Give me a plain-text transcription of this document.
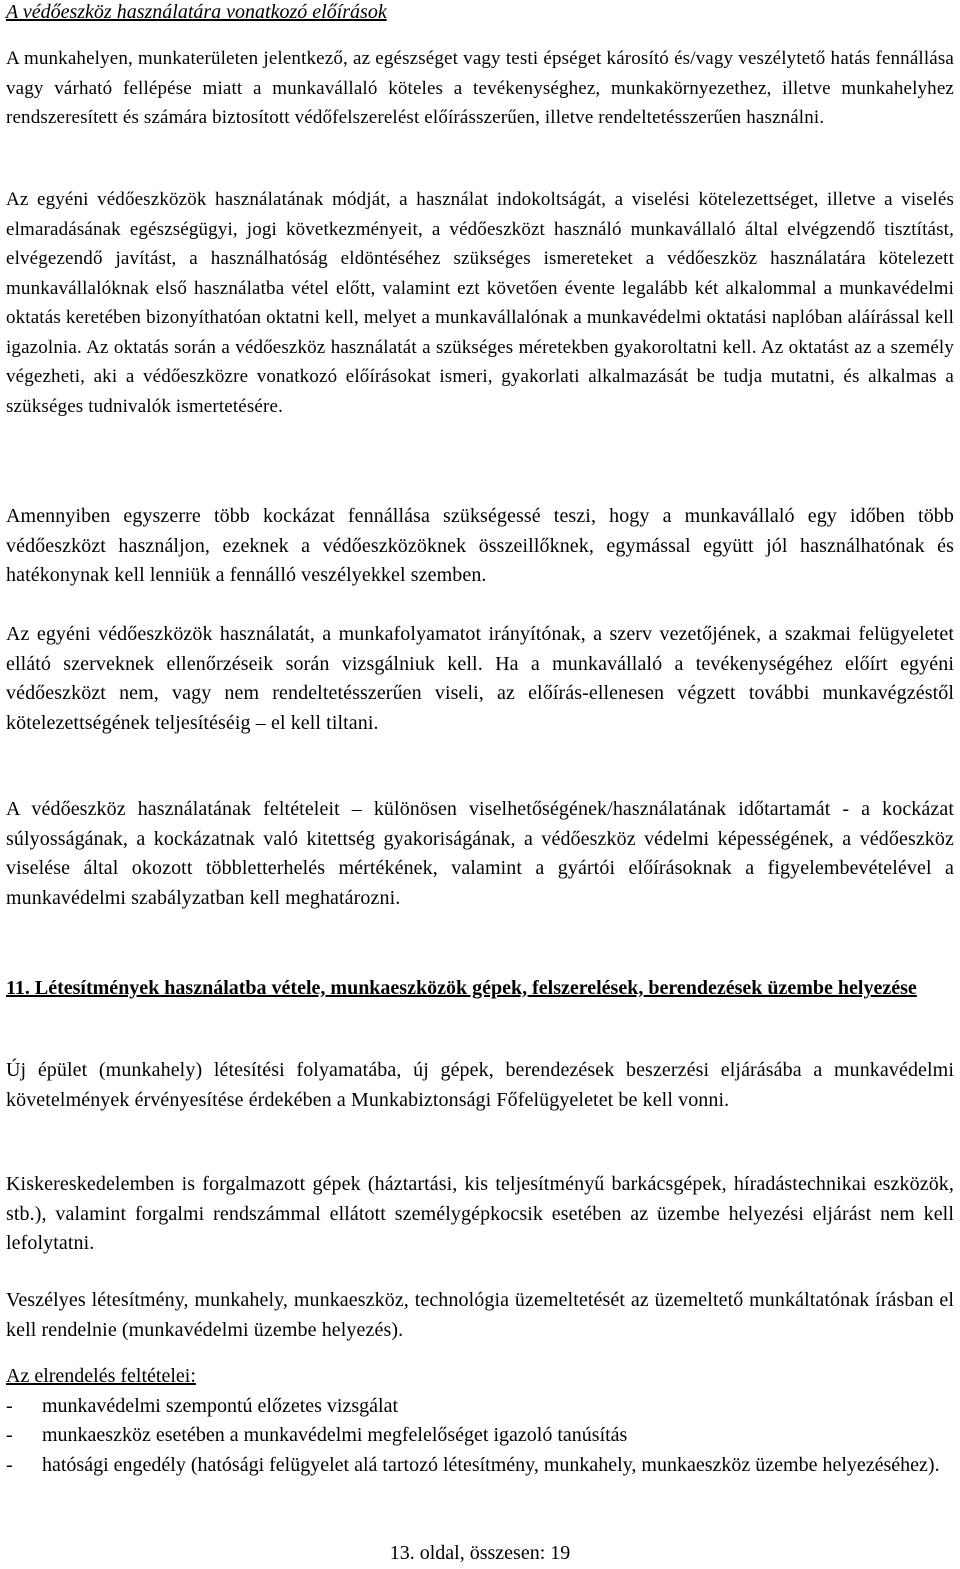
A védőeszköz használatára vonatkozó előírások

A munkahelyen, munkaterületen jelentkező, az egészséget vagy testi épséget károsító és/vagy veszélytető hatás fennállása vagy várható fellépése miatt a munkavállaló köteles a tevékenységhez, munkakörnyezethez, illetve munkahelyhez rendszeresített és számára biztosított védőfelszerelést előírásszerűen, illetve rendeltetésszerűen használni.

Az egyéni védőeszközök használatának módját, a használat indokoltságát, a viselési kötelezettséget, illetve a viselés elmaradásának egészségügyi, jogi következményeit, a védőeszközt használó munkavállaló által elvégzendő tisztítást, elvégezendő javítást, a használhatóság eldöntéséhez szükséges ismereteket a védőeszköz használatára kötelezett munkavállalóknak első használatba vétel előtt, valamint ezt követően évente legalább két alkalommal a munkavédelmi oktatás keretében bizonyíthatóan oktatni kell, melyet a munkavállalónak a munkavédelmi oktatási naplóban aláírással kell igazolnia. Az oktatás során a védőeszköz használatát a szükséges méretekben gyakoroltatni kell. Az oktatást az a személy végezheti, aki a védőeszközre vonatkozó előírásokat ismeri, gyakorlati alkalmazását be tudja mutatni, és alkalmas a szükséges tudnivalók ismertetésére.

Amennyiben egyszerre több kockázat fennállása szükségessé teszi, hogy a munkavállaló egy időben több védőeszközt használjon, ezeknek a védőeszközöknek összeillőknek, egymással együtt jól használhatónak és hatékonynak kell lenniük a fennálló veszélyekkel szemben.

Az egyéni védőeszközök használatát, a munkafolyamatot irányítónak, a szerv vezetőjének, a szakmai felügyeletet ellátó szerveknek ellenőrzéseik során vizsgálniuk kell. Ha a munkavállaló a tevékenységéhez előírt egyéni védőeszközt nem, vagy nem rendeltetésszerűen viseli, az előírás-ellenesen végzett további munkavégzéstől kötelezettségének teljesítéséig – el kell tiltani.

A védőeszköz használatának feltételeit – különösen viselhetőségének/használatának időtartamát - a kockázat súlyosságának, a kockázatnak való kitettség gyakoriságának, a védőeszköz védelmi képességének, a védőeszköz viselése által okozott többletterhelés mértékének, valamint a gyártói előírásoknak a figyelembevételével a munkavédelmi szabályzatban kell meghatározni.

11. Létesítmények használatba vétele, munkaeszközök gépek, felszerelések, berendezések üzembe helyezése

Új épület (munkahely) létesítési folyamatába, új gépek, berendezések beszerzési eljárásába a munkavédelmi követelmények érvényesítése érdekében a Munkabiztonsági Főfelügyeletet be kell vonni.

Kiskereskedelemben is forgalmazott gépek (háztartási, kis teljesítményű barkácsgépek, híradástechnikai eszközök, stb.), valamint forgalmi rendszámmal ellátott személygépkocsik esetében az üzembe helyezési eljárást nem kell lefolytatni.

Veszélyes létesítmény, munkahely, munkaeszköz, technológia üzemeltetését az üzemeltető munkáltatónak írásban el kell rendelnie (munkavédelmi üzembe helyezés).

Az elrendelés feltételei:

- munkavédelmi szempontú előzetes vizsgálat
- munkaeszköz esetében a munkavédelmi megfelelőséget igazoló tanúsítás
- hatósági engedély (hatósági felügyelet alá tartozó létesítmény, munkahely, munkaeszköz üzembe helyezéséhez).
13. oldal, összesen: 19
